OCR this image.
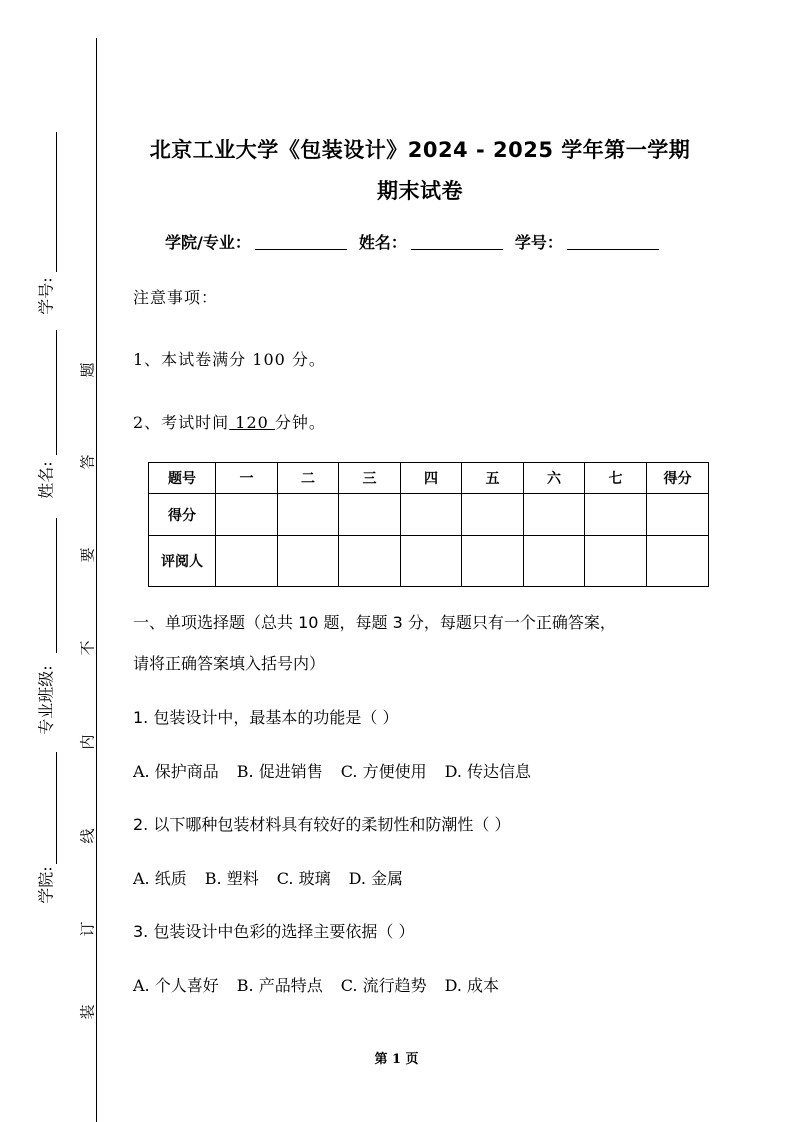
学号:
姓名:
专业班级:
学院:
题
答
要
不
内
线
订
装
北京工业大学《包装设计》2024 - 2025 学年第一学期
期末试卷
学院/专业：	姓名：	学号：
注意事项：
1、本试卷满分 100 分。
2、考试时间 120 分钟。
题号	一	二	三	四	五	六	七	得分
得分								
评阅人								
一、单项选择题（总共 10 题，每题 3 分，每题只有一个正确答案，
请将正确答案填入括号内）
1. 包装设计中，最基本的功能是（ ）
A. 保护商品 B. 促进销售 C. 方便使用 D. 传达信息
2. 以下哪种包装材料具有较好的柔韧性和防潮性（ ）
A. 纸质 B. 塑料 C. 玻璃 D. 金属
3. 包装设计中色彩的选择主要依据（ ）
A. 个人喜好 B. 产品特点 C. 流行趋势 D. 成本
第 1 页
